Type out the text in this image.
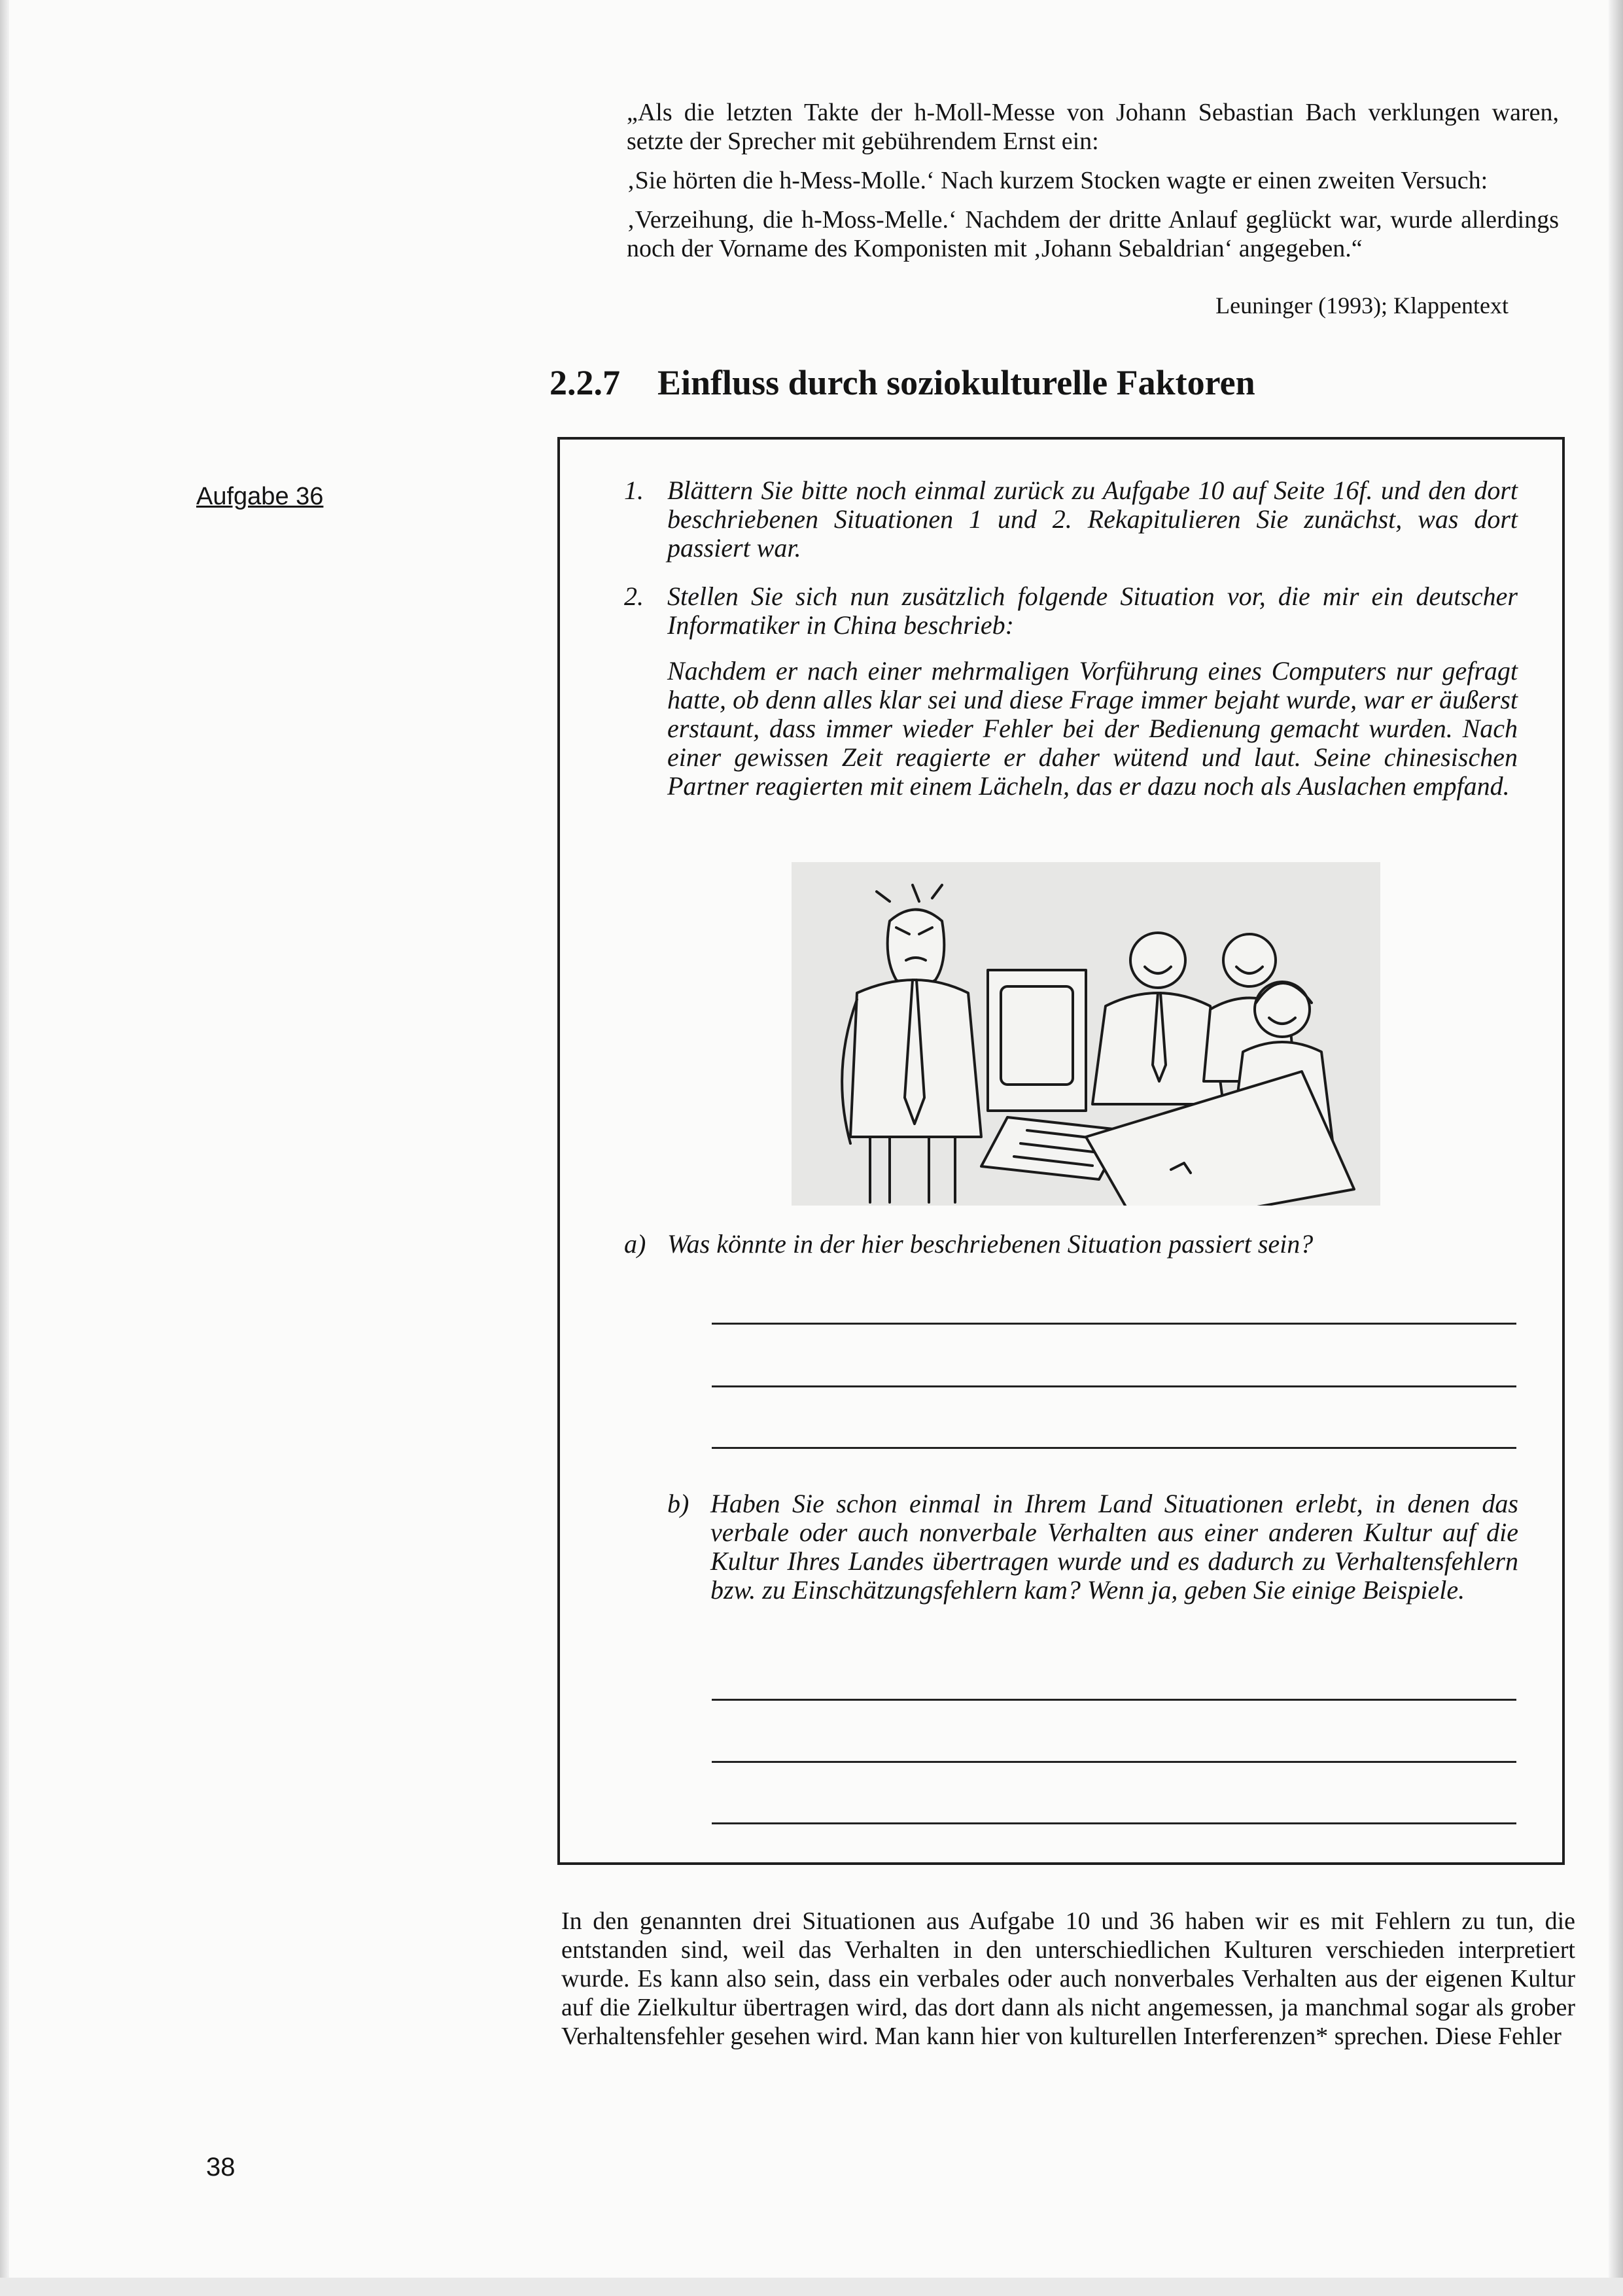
„Als die letzten Takte der h-Moll-Messe von Johann Sebastian Bach verklungen waren, setzte der Sprecher mit gebührendem Ernst ein:

‚Sie hörten die h-Mess-Molle.‘ Nach kurzem Stocken wagte er einen zweiten Versuch:

‚Verzeihung, die h-Moss-Melle.‘ Nachdem der dritte Anlauf geglückt war, wurde allerdings noch der Vorname des Komponisten mit ‚Johann Sebaldrian‘ angegeben.“

Leuninger (1993); Klappentext
2.2.7 Einfluss durch soziokulturelle Faktoren
Aufgabe 36	1. Blättern Sie bitte noch einmal zurück zu Aufgabe 10 auf Seite 16f. und den dort beschriebenen Situationen 1 und 2. Rekapitulieren Sie zunächst, was dort passiert war.
2. Stellen Sie sich nun zusätzlich folgende Situation vor, die mir ein deutscher Informatiker in China beschrieb:
Nachdem er nach einer mehrmaligen Vorführung eines Computers nur gefragt hatte, ob denn alles klar sei und diese Frage immer bejaht wurde, war er äußerst erstaunt, dass immer wieder Fehler bei der Bedienung gemacht wurden. Nach einer gewissen Zeit reagierte er daher wütend und laut. Seine chinesischen Partner reagierten mit einem Lächeln, das er dazu noch als Auslachen empfand.
a) Was könnte in der hier beschriebenen Situation passiert sein?
b) Haben Sie schon einmal in Ihrem Land Situationen erlebt, in denen das verbale oder auch nonverbale Verhalten aus einer anderen Kultur auf die Kultur Ihres Landes übertragen wurde und es dadurch zu Verhaltensfehlern bzw. zu Einschätzungsfehlern kam? Wenn ja, geben Sie einige Beispiele.
In den genannten drei Situationen aus Aufgabe 10 und 36 haben wir es mit Fehlern zu tun, die entstanden sind, weil das Verhalten in den unterschiedlichen Kulturen verschieden interpretiert wurde. Es kann also sein, dass ein verbales oder auch nonverbales Verhalten aus der eigenen Kultur auf die Zielkultur übertragen wird, das dort dann als nicht angemessen, ja manchmal sogar als grober Verhaltensfehler gesehen wird. Man kann hier von kulturellen Interferenzen* sprechen. Diese Fehler
38
